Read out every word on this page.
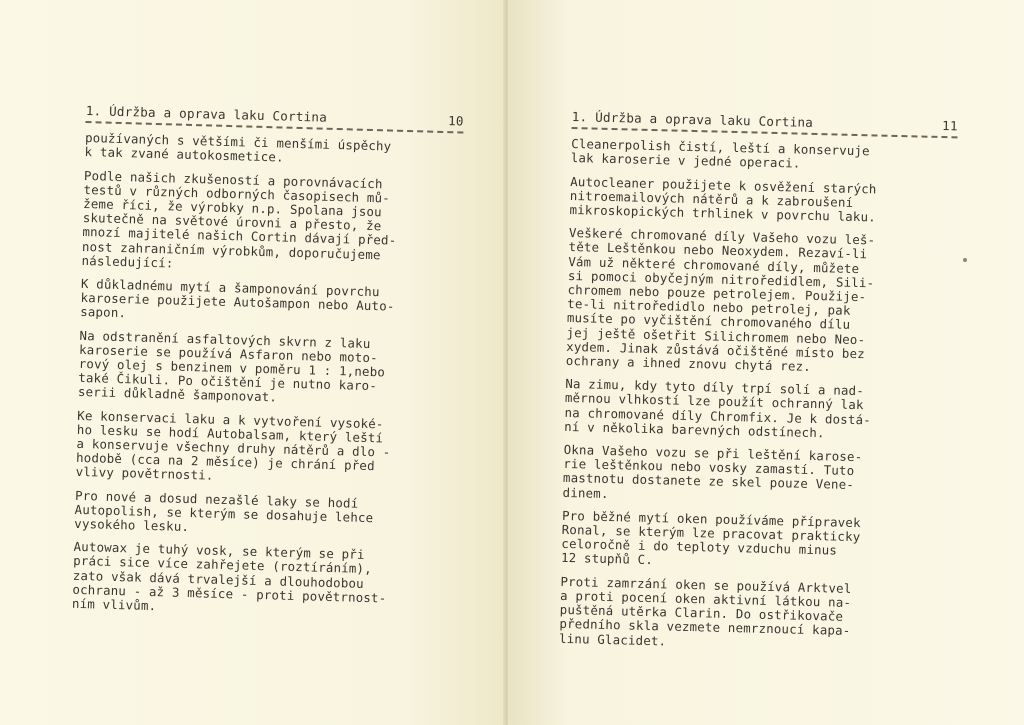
1. Údržba a oprava laku Cortina	10

používaných s většími či menšími úspěchy
k tak zvané autokosmetice.

Podle našich zkušeností a porovnávacích
testů v různých odborných časopisech mů-
žeme říci, že výrobky n.p. Spolana jsou
skutečně na světové úrovni a přesto, že
mnozí majitelé našich Cortin dávají před-
nost zahraničním výrobkům, doporučujeme
následující:

K důkladnému mytí a šamponování povrchu
karoserie použijete Autošampon nebo Auto-
sapon.

Na odstranění asfaltových skvrn z laku
karoserie se používá Asfaron nebo moto-
rový olej s benzinem v poměru 1 : 1,nebo
také Čikuli. Po očištění je nutno karo-
serii důkladně šamponovat.

Ke konservaci laku a k vytvoření vysoké-
ho lesku se hodí Autobalsam, který leští
a konservuje všechny druhy nátěrů a dlo -
hodobě (cca na 2 měsíce) je chrání před
vlivy povětrnosti.

Pro nové a dosud nezašlé laky se hodí
Autopolish, se kterým se dosahuje lehce
vysokého lesku.

Autowax je tuhý vosk, se kterým se při
práci sice více zahřejete (roztíráním),
zato však dává trvalejší a dlouhodobou
ochranu - až 3 měsíce - proti povětrnost-
ním vlivům.

1. Údržba a oprava laku Cortina	11

Cleanerpolish čistí, leští a konservuje
lak karoserie v jedné operaci.

Autocleaner použijete k osvěžení starých
nitroemailových nátěrů a k zabroušení
mikroskopických trhlinek v povrchu laku.

Veškeré chromované díly Vašeho vozu leš-
těte Leštěnkou nebo Neoxydem. Rezaví-li
Vám už některé chromované díly, můžete
si pomoci obyčejným nitroředidlem, Sili-
chromem nebo pouze petrolejem. Použije-
te-li nitroředidlo nebo petrolej, pak
musíte po vyčištění chromovaného dílu
jej ještě ošetřit Silichromem nebo Neo-
xydem. Jinak zůstává očištěné místo bez
ochrany a ihned znovu chytá rez.

Na zimu, kdy tyto díly trpí solí a nad-
měrnou vlhkostí lze použít ochranný lak
na chromované díly Chromfix. Je k dostá-
ní v několika barevných odstínech.

Okna Vašeho vozu se při leštění karose-
rie leštěnkou nebo vosky zamastí. Tuto
mastnotu dostanete ze skel pouze Vene-
dinem.

Pro běžné mytí oken používáme přípravek
Ronal, se kterým lze pracovat prakticky
celoročně i do teploty vzduchu minus
12 stupňů C.

Proti zamrzání oken se používá Arktvel
a proti pocení oken aktivní látkou na-
puštěná utěrka Clarin. Do ostřikovače
předního skla vezmete nemrznoucí kapa-
linu Glacidet.
